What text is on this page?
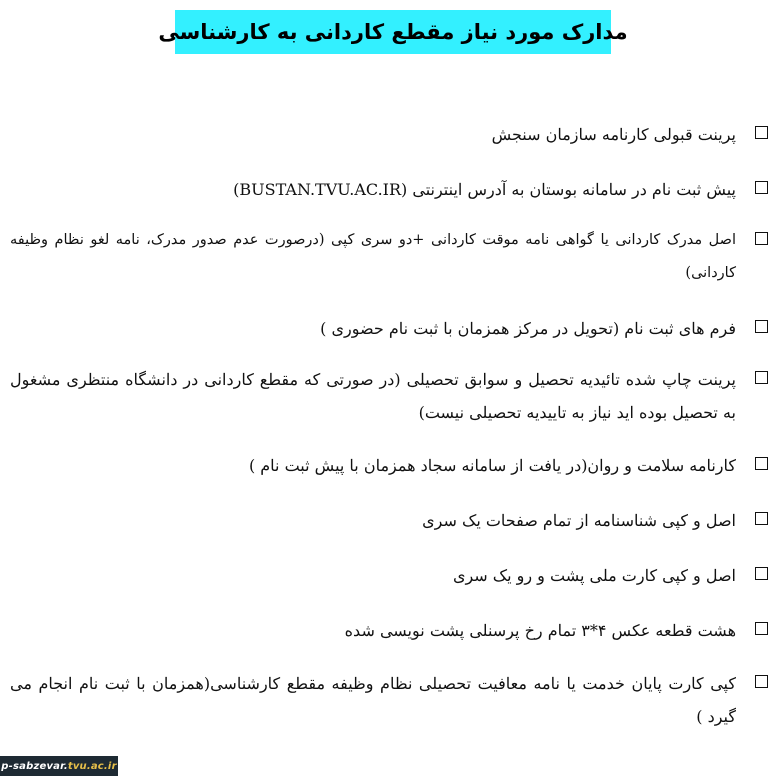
مدارک مورد نیاز مقطع کاردانی به کارشناسی
پرینت قبولی کارنامه سازمان سنجش
پیش ثبت نام در سامانه بوستان به آدرس اینترنتی (BUSTAN.TVU.AC.IR)
اصل مدرک کاردانی یا گواهی نامه موقت کاردانی +دو سری کپی (درصورت عدم صدور مدرک، نامه لغو نظام وظیفه کاردانی)
فرم های ثبت نام (تحویل در مرکز همزمان با ثبت نام حضوری )
پرینت چاپ شده تائیدیه تحصیل و سوابق تحصیلی (در صورتی که مقطع کاردانی در دانشگاه منتظری مشغول به تحصیل بوده اید نیاز به تاییدیه تحصیلی نیست)
کارنامه سلامت و روان(در یافت از سامانه سجاد همزمان با پیش ثبت نام )
اصل و کپی شناسنامه از تمام صفحات یک سری
اصل و کپی کارت ملی پشت و رو یک سری
هشت قطعه عکس ۴*۳ تمام رخ پرسنلی پشت نویسی شده
کپی کارت پایان خدمت یا نامه معافیت تحصیلی نظام وظیفه مقطع کارشناسی(همزمان با ثبت نام انجام می گیرد )
p-sabzevar. tvu.ac.ir
